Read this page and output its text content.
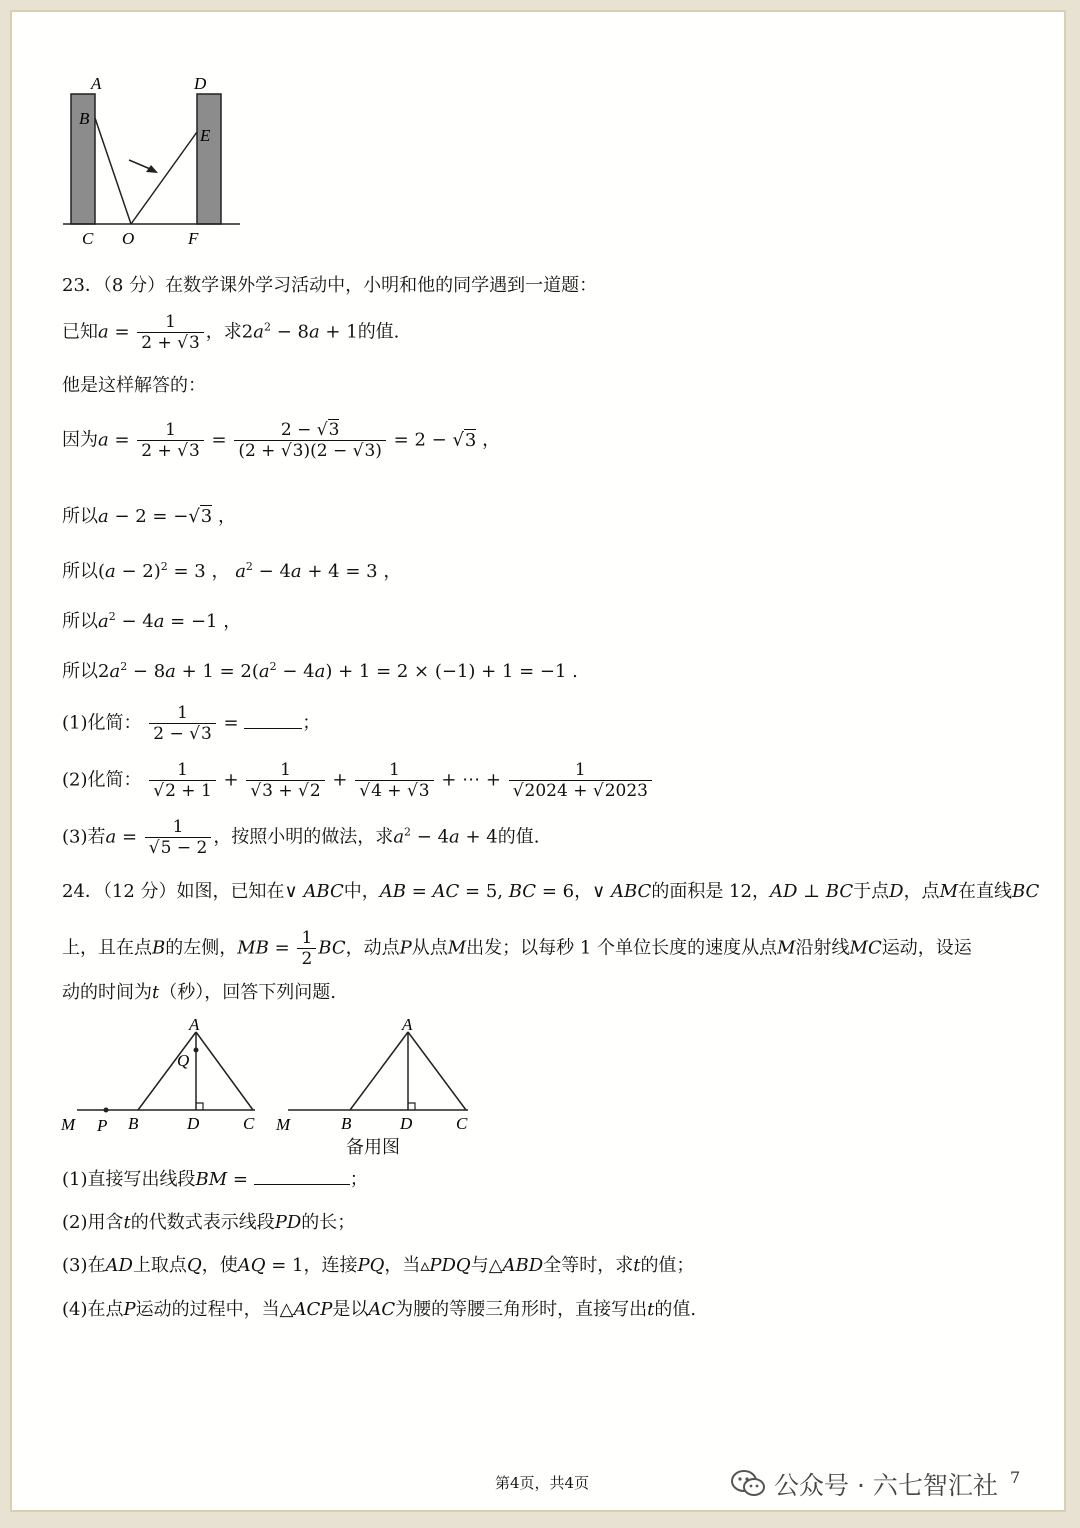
A	D
B
E
C O	F
23．（8 分）在数学课外学习活动中，小明和他的同学遇到一道题：
已知$a = \frac{1}{2 + √3}$ ，求$2a^2 - 8a + 1$的值.
他是这样解答的：
因为$a = \frac{1}{2 + √3} = \frac{2 - √3}{(2 + √3)(2 - √3)} = 2 - √3$ ，
所以a − 2 = −√3 ，
所以$(a - 2)^2 = 3$ ， $a^2 - 4a + 4 = 3$ ，
所以$a^2 - 4a = -1$ ，
所以$2a^2 - 8a + 1 = 2(a^2 - 4a) + 1 = 2 \times (-1) + 1 = -1$ .
(1)化简： $\frac{1}{2 - √3}$ =	；
(2)化简： $\frac{1}{√2 + 1} + \frac{1}{√3 + √2} + \frac{1}{√4 + √3}$ + ⋯ + $\frac{1}{√2024 + √2023}$
(3)若$a = \frac{1}{√5 - 2}$ ，按照小明的做法，求$a^2 - 4a + 4$的值.
24．（12 分）如图，已知在∨ ABC中，AB = AC = 5, BC = 6，∨ ABC的面积是 12，AD ⊥ BC于点D，点M在直线BC
上，且在点B的左侧，MB = $\frac{1}{2}$ BC，动点P从点M出发；以每秒 1 个单位长度的速度从点M沿射线MC运动，设运
动的时间为t（秒），回答下列问题.
A
Q
M P B	D	C
A
M	B	D	C
备用图
(1)直接写出线段BM =	；
(2)用含t的代数式表示线段PD的长；
(3)在AD上取点Q，使AQ = 1，连接PQ，当▵PDQ与△ABD全等时，求t的值；
(4)在点P运动的过程中，当△ACP是以AC为腰的等腰三角形时，直接写出t的值.
第4页，共4页	公众号 · 六七智汇社 7
